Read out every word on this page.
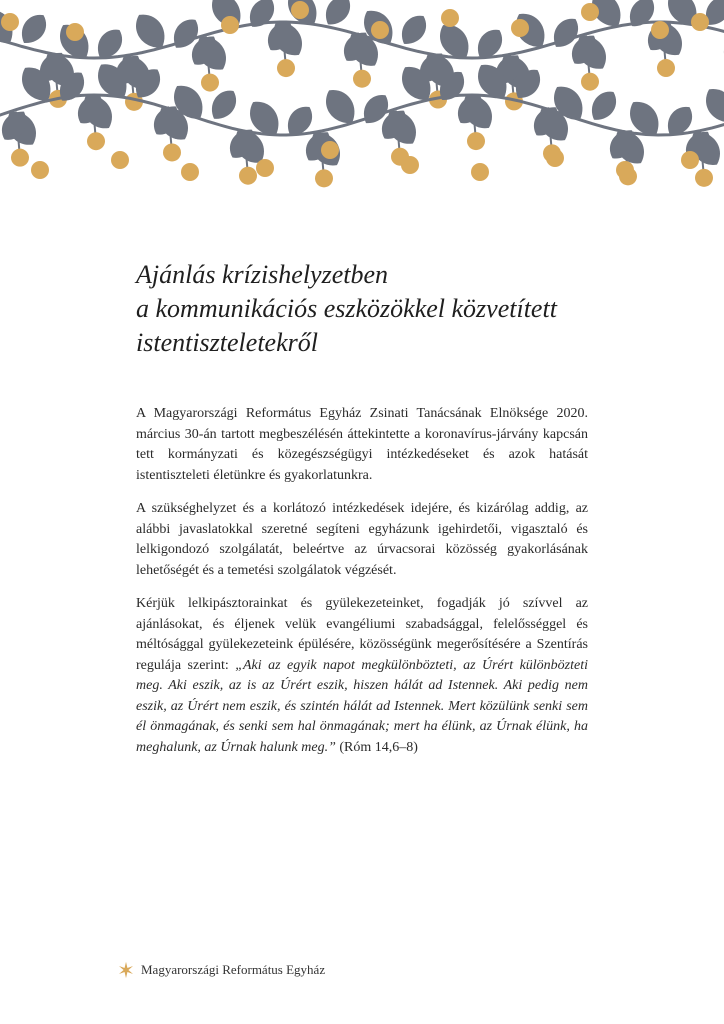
Ajánlás krízishelyzetben
a kommunikációs eszközökkel közvetített
istentiszteletekről

A Magyarországi Református Egyház Zsinati Tanácsának Elnöksége 2020. március 30-án tartott megbeszélésén áttekintette a koronavírus-járvány kapcsán tett kormányzati és közegészségügyi intézkedéseket és azok hatását istentiszteleti életünkre és gyakorlatunkra.

A szükséghelyzet és a korlátozó intézkedések idejére, és kizárólag addig, az alábbi javaslatokkal szeretné segíteni egyházunk igehirdetői, vigasztaló és lelkigondozó szolgálatát, beleértve az úrvacsorai közösség gyakorlásának lehetőségét és a temetési szolgálatok végzését.

Kérjük lelkipásztorainkat és gyülekezeteinket, fogadják jó szívvel az ajánlásokat, és éljenek velük evangéliumi szabadsággal, felelősséggel és méltósággal gyülekezeteink épülésére, közösségünk megerősítésére a Szentírás regulája szerint: „Aki az egyik napot megkülönbözteti, az Úrért különbözteti meg. Aki eszik, az is az Úrért eszik, hiszen hálát ad Istennek. Aki pedig nem eszik, az Úrért nem eszik, és szintén hálát ad Istennek. Mert közülünk senki sem él önmagának, és senki sem hal önmagának; mert ha élünk, az Úrnak élünk, ha meghalunk, az Úrnak halunk meg.” (Róm 14,6–8)

Magyarországi Református Egyház
